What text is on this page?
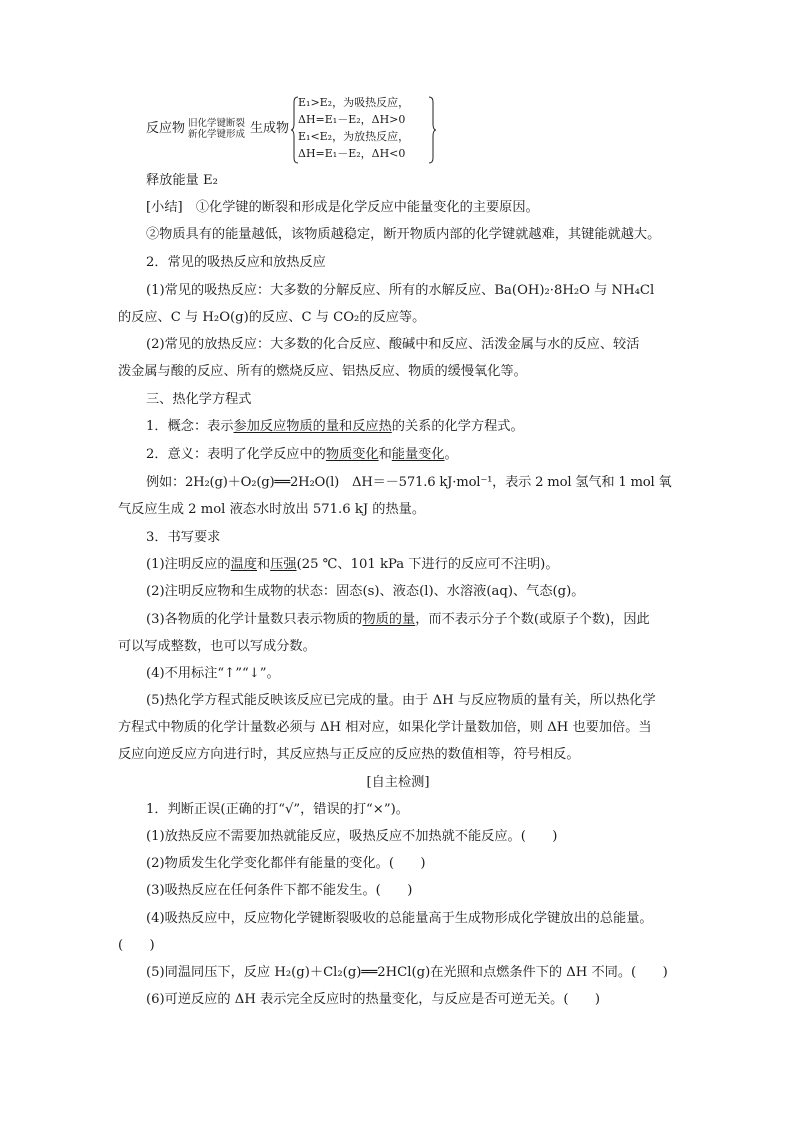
反应物 旧化学键断裂
新化学键形成 生成物
E₁>E₂，为吸热反应，
ΔH=E₁－E₂，ΔH>0
E₁<E₂，为放热反应，
ΔH=E₁－E₂，ΔH<0
释放能量 E₂
[小结]　 ①化学键的断裂和形成是化学反应中能量变化的主要原因。
②物质具有的能量越低，该物质越稳定，断开物质内部的化学键就越难，其键能就越大。
2．常见的吸热反应和放热反应
(1)常见的吸热反应：大多数的分解反应、所有的水解反应、Ba(OH)₂·8H₂O 与 NH₄Cl
的反应、C 与 H₂O(g)的反应、C 与 CO₂的反应等。
(2)常见的放热反应：大多数的化合反应、酸碱中和反应、活泼金属与水的反应、较活
泼金属与酸的反应、所有的燃烧反应、铝热反应、物质的缓慢氧化等。
三、热化学方程式
1．概念：表示参加反应物质的量和反应热的关系的化学方程式。
2．意义：表明了化学反应中的物质变化和能量变化。
例如：2H₂(g)＋O₂(g)══2H₂O(l)　ΔH＝－571.6 kJ·mol⁻¹，表示 2 mol 氢气和 1 mol 氧
气反应生成 2 mol 液态水时放出 571.6 kJ 的热量。
3．书写要求
(1)注明反应的温度和压强(25 ℃、101 kPa 下进行的反应可不注明)。
(2)注明反应物和生成物的状态：固态(s)、液态(l)、水溶液(aq)、气态(g)。
(3)各物质的化学计量数只表示物质的物质的量，而不表示分子个数(或原子个数)，因此
可以写成整数，也可以写成分数。
(4)不用标注“↑”“↓”。
(5)热化学方程式能反映该反应已完成的量。由于 ΔH 与反应物质的量有关，所以热化学
方程式中物质的化学计量数必须与 ΔH 相对应，如果化学计量数加倍，则 ΔH 也要加倍。当
反应向逆反应方向进行时，其反应热与正反应的反应热的数值相等，符号相反。
[自主检测]
1．判断正误(正确的打“√”，错误的打“×”)。
(1)放热反应不需要加热就能反应，吸热反应不加热就不能反应。(　　)
(2)物质发生化学变化都伴有能量的变化。(　　)
(3)吸热反应在任何条件下都不能发生。(　　)
(4)吸热反应中，反应物化学键断裂吸收的总能量高于生成物形成化学键放出的总能量。
(　　)
(5)同温同压下，反应 H₂(g)＋Cl₂(g)══2HCl(g)在光照和点燃条件下的 ΔH 不同。(　　)
(6)可逆反应的 ΔH 表示完全反应时的热量变化，与反应是否可逆无关。(　　)
